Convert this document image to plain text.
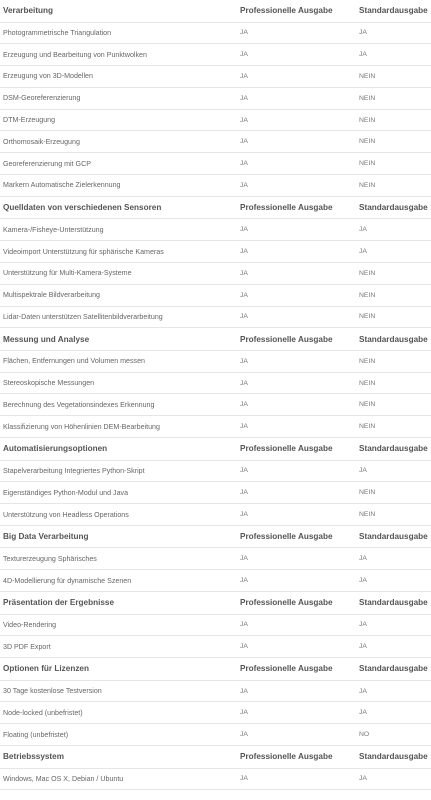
Verarbeitung	Professionelle Ausgabe	Standardausgabe
Photogrammetrische Triangulation	JA	JA
Erzeugung und Bearbeitung von Punktwolken	JA	JA
Erzeugung von 3D-Modellen	JA	NEIN
DSM-Georeferenzierung	JA	NEIN
DTM-Erzeugung	JA	NEIN
Orthomosaik-Erzeugung	JA	NEIN
Georeferenzierung mit GCP	JA	NEIN
Markern Automatische Zielerkennung	JA	NEIN
Quelldaten von verschiedenen Sensoren	Professionelle Ausgabe	Standardausgabe
Kamera-/Fisheye-Unterstützung	JA	JA
Videoimport Unterstützung für sphärische Kameras	JA	JA
Unterstützung für Multi-Kamera-Systeme	JA	NEIN
Multispektrale Bildverarbeitung	JA	NEIN
Lidar-Daten unterstützen Satellitenbildverarbeitung	JA	NEIN
Messung und Analyse	Professionelle Ausgabe	Standardausgabe
Flächen, Entfernungen und Volumen messen	JA	NEIN
Stereoskopische Messungen	JA	NEIN
Berechnung des Vegetationsindexes Erkennung	JA	NEIN
Klassifizierung von Höhenlinien DEM-Bearbeitung	JA	NEIN
Automatisierungsoptionen	Professionelle Ausgabe	Standardausgabe
Stapelverarbeitung Integriertes Python-Skript	JA	JA
Eigenständiges Python-Modul und Java	JA	NEIN
Unterstützung von Headless Operations	JA	NEIN
Big Data Verarbeitung	Professionelle Ausgabe	Standardausgabe
Texturerzeugung Sphärisches	JA	JA
4D-Modellierung für dynamische Szenen	JA	JA
Präsentation der Ergebnisse	Professionelle Ausgabe	Standardausgabe
Video-Rendering	JA	JA
3D PDF Export	JA	JA
Optionen für Lizenzen	Professionelle Ausgabe	Standardausgabe
30 Tage kostenlose Testversion	JA	JA
Node-locked (unbefristet)	JA	JA
Floating (unbefristet)	JA	NO
Betriebssystem	Professionelle Ausgabe	Standardausgabe
Windows, Mac OS X, Debian / Ubuntu	JA	JA
